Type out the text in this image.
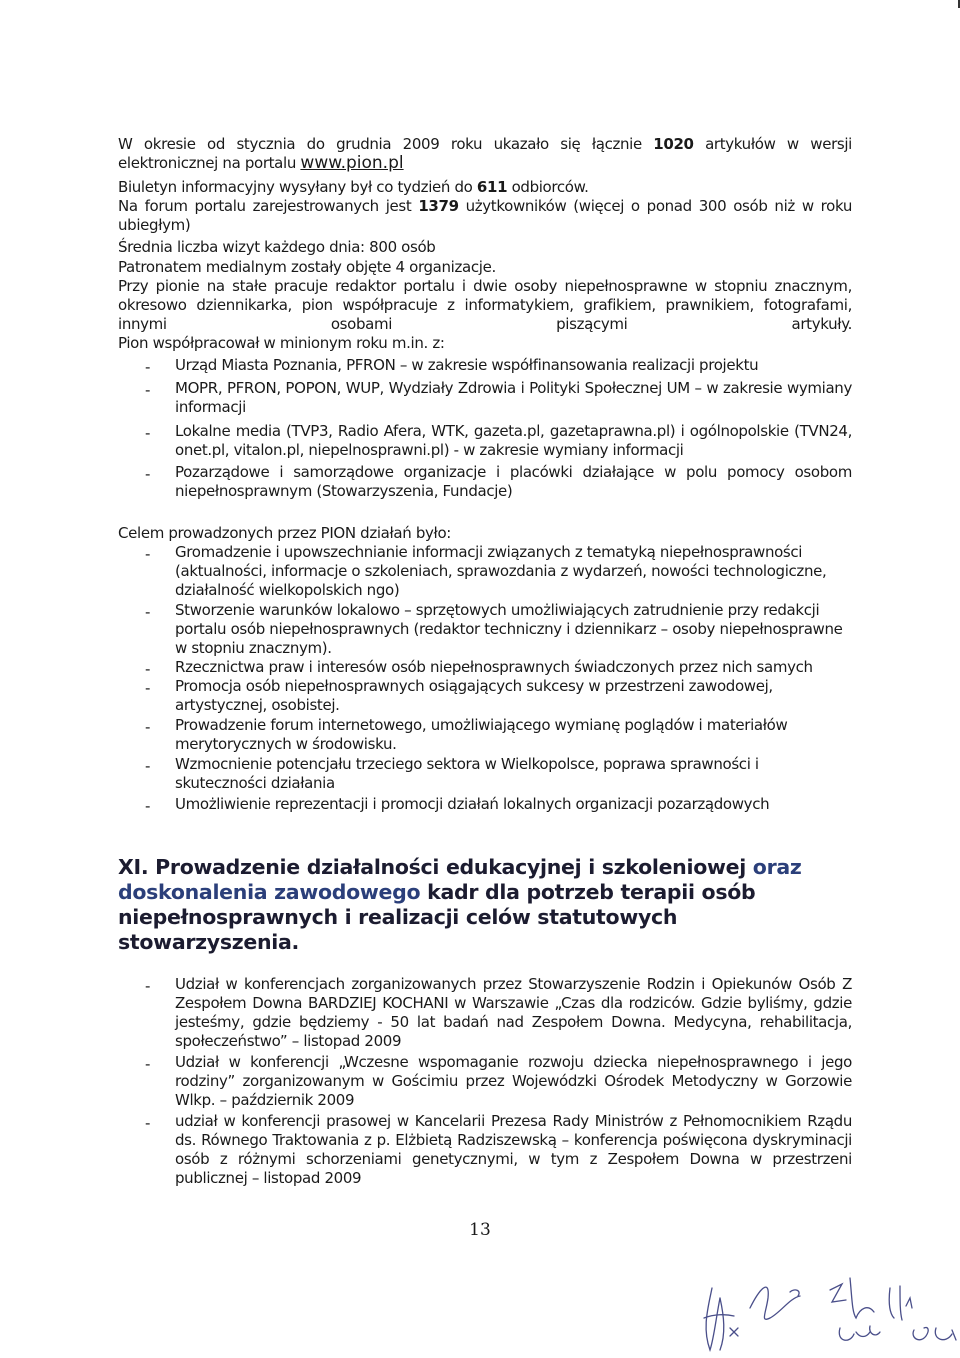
W okresie od stycznia do grudnia 2009 roku ukazało się łącznie 1020 artykułów w wersji
elektronicznej na portalu www.pion.pl
Biuletyn informacyjny wysyłany był co tydzień do 611 odbiorców.
Na forum portalu zarejestrowanych jest 1379 użytkowników (więcej o ponad 300 osób niż w roku
ubiegłym)
Średnia liczba wizyt każdego dnia: 800 osób
Patronatem medialnym zostały objęte 4 organizacje.
Przy pionie na stałe pracuje redaktor portalu i dwie osoby niepełnosprawne w stopniu znacznym, okresowo dziennikarka, pion współpracuje z informatykiem, grafikiem, prawnikiem, fotografami, innymi osobami piszącymi artykuły.
Pion współpracował w minionym roku m.in. z:
- Urząd Miasta Poznania, PFRON – w zakresie współfinansowania realizacji projektu
- MOPR, PFRON, POPON, WUP, Wydziały Zdrowia i Polityki Społecznej UM – w zakresie wymiany informacji
- Lokalne media (TVP3, Radio Afera, WTK, gazeta.pl, gazetaprawna.pl) i ogólnopolskie (TVN24, onet.pl, vitalon.pl, niepelnosprawni.pl) - w zakresie wymiany informacji
- Pozarządowe i samorządowe organizacje i placówki działające w polu pomocy osobom niepełnosprawnym (Stowarzyszenia, Fundacje)
Celem prowadzonych przez PION działań było:
- Gromadzenie i upowszechnianie informacji związanych z tematyką niepełnosprawności (aktualności, informacje o szkoleniach, sprawozdania z wydarzeń, nowości technologiczne, działalność wielkopolskich ngo)
- Stworzenie warunków lokalowo – sprzętowych umożliwiających zatrudnienie przy redakcji portalu osób niepełnosprawnych (redaktor techniczny i dziennikarz – osoby niepełnosprawne w stopniu znacznym).
- Rzecznictwa praw i interesów osób niepełnosprawnych świadczonych przez nich samych
- Promocja osób niepełnosprawnych osiągających sukcesy w przestrzeni zawodowej, artystycznej, osobistej.
- Prowadzenie forum internetowego, umożliwiającego wymianę poglądów i materiałów merytorycznych w środowisku.
- Wzmocnienie potencjału trzeciego sektora w Wielkopolsce, poprawa sprawności i skuteczności działania
- Umożliwienie reprezentacji i promocji działań lokalnych organizacji pozarządowych
XI. Prowadzenie działalności edukacyjnej i szkoleniowej oraz doskonalenia zawodowego kadr dla potrzeb terapii osób niepełnosprawnych i realizacji celów statutowych stowarzyszenia.
- Udział w konferencjach zorganizowanych przez Stowarzyszenie Rodzin i Opiekunów Osób Z Zespołem Downa BARDZIEJ KOCHANI w Warszawie „Czas dla rodziców. Gdzie byliśmy, gdzie jesteśmy, gdzie będziemy - 50 lat badań nad Zespołem Downa. Medycyna, rehabilitacja, społeczeństwo” – listopad 2009
- Udział w konferencji „Wczesne wspomaganie rozwoju dziecka niepełnosprawnego i jego rodziny” zorganizowanym w Gościmiu przez Wojewódzki Ośrodek Metodyczny w Gorzowie Wlkp. – październik 2009
- udział w konferencji prasowej w Kancelarii Prezesa Rady Ministrów z Pełnomocnikiem Rządu ds. Równego Traktowania z p. Elżbietą Radziszewską – konferencja poświęcona dyskryminacji osób z różnymi schorzeniami genetycznymi, w tym z Zespołem Downa w przestrzeni publicznej – listopad 2009
13
